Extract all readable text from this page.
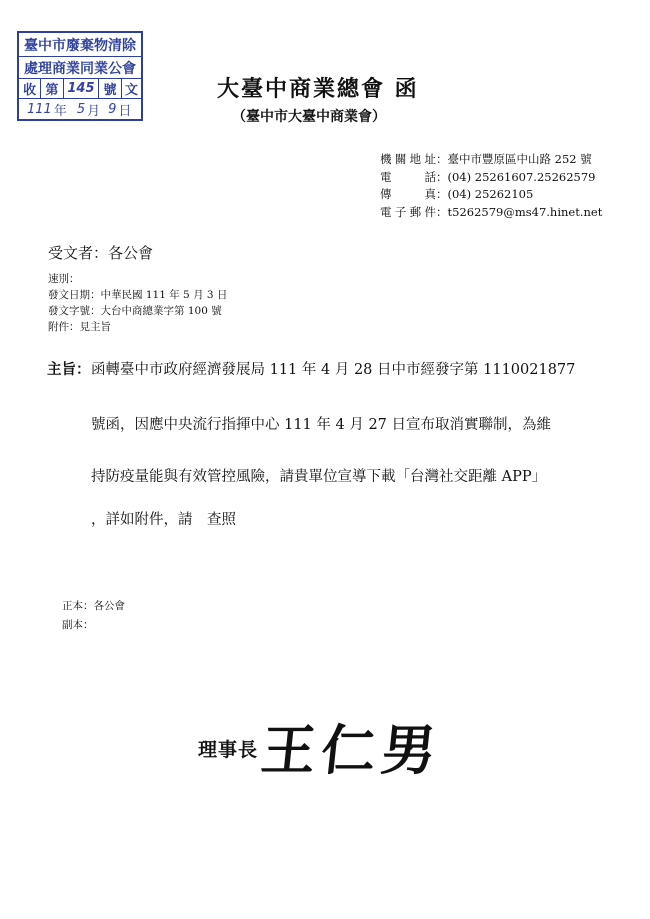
臺中市廢棄物清除
處理商業同業公會
收 第 145 號 文
111 年 5 月 9 日
大臺中商業總會 函
（臺中市大臺中商業會）
機關地址：臺中市豐原區中山路 252 號
電話：(04) 25261607.25262579
傳真：(04) 25262105
電子郵件：t5262579@ms47.hinet.net
受文者：各公會
速別：
發文日期：中華民國 111 年 5 月 3 日
發文字號：大台中商總業字第 100 號
附件：見主旨
主旨： 函轉臺中市政府經濟發展局 111 年 4 月 28 日中市經發字第 1110021877
號函，因應中央流行指揮中心 111 年 4 月 27 日宣布取消實聯制，為維
持防疫量能與有效管控風險，請貴單位宣導下載「台灣社交距離 APP」
，詳如附件，請　查照
正本：各公會
副本：
理事長 王仁男
